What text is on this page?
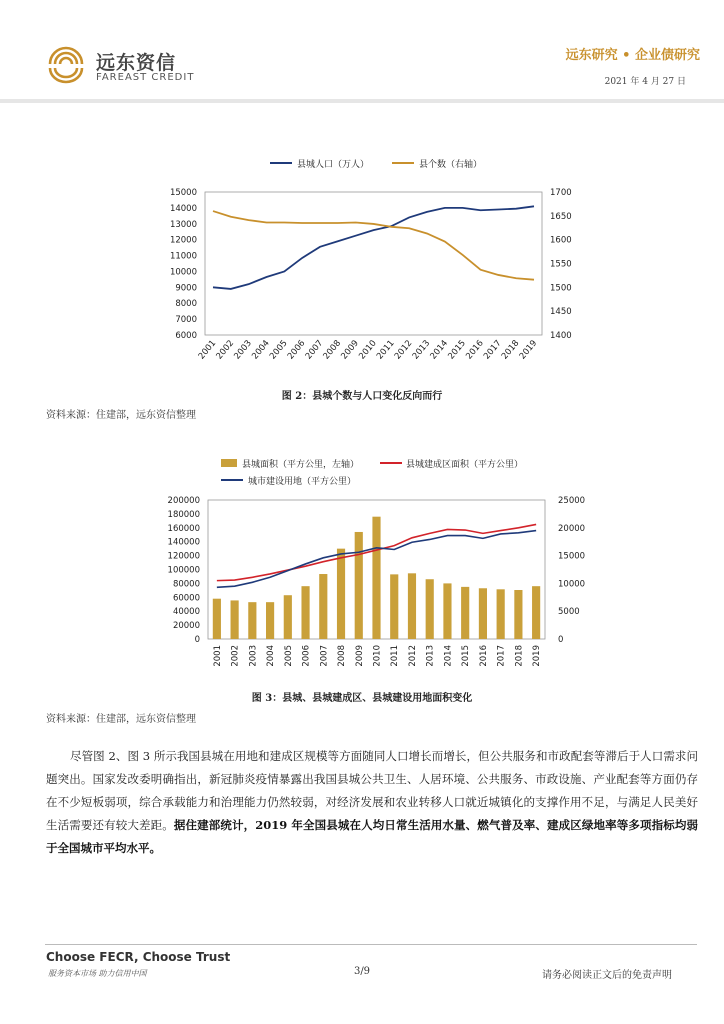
远东资信
FAREAST CREDIT
远东研究 • 企业债研究
2021 年 4 月 27 日
县城人口（万人）	县个数（右轴）
6000
7000
8000
9000
10000
11000
12000
13000
14000
15000
1400
1450
1500
1550
1600
1650
1700
2001
2002
2003
2004
2005
2006
2007
2008
2009
2010
2011
2012
2013
2014
2015
2016
2017
2018
2019
图 2：县城个数与人口变化反向而行
资料来源：住建部，远东资信整理
县城面积（平方公里，左轴）	县城建成区面积（平方公里）
城市建设用地（平方公里）
0
20000
40000
60000
80000
100000
120000
140000
160000
180000
200000
0
5000
10000
15000
20000
25000
2001 2002 2003 2004 2005 2006 2007 2008 2009 2010 2011 2012 2013 2014 2015 2016 2017 2018 2019
图 3：县城、县城建成区、县城建设用地面积变化
资料来源：住建部，远东资信整理
尽管图 2、图 3 所示我国县城在用地和建成区规模等方面随同人口增长而增长，但公共服务和市政配套等滞后于人口需求问题突出。国家发改委明确指出，新冠肺炎疫情暴露出我国县城公共卫生、人居环境、公共服务、市政设施、产业配套等方面仍存在不少短板弱项，综合承载能力和治理能力仍然较弱，对经济发展和农业转移人口就近城镇化的支撑作用不足，与满足人民美好生活需要还有较大差距。据住建部统计，2019 年全国县城在人均日常生活用水量、燃气普及率、建成区绿地率等多项指标均弱于全国城市平均水平。
Choose FECR, Choose Trust
服务资本市场 助力信用中国	3/9	请务必阅读正文后的免责声明
